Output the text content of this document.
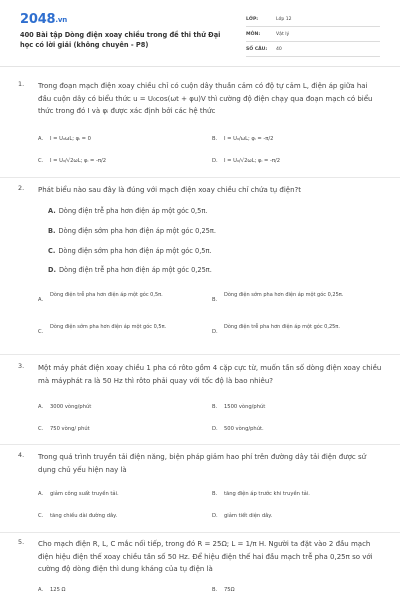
2048.vn
400 Bài tập Dòng điện xoay chiều trong đề thi thử Đại học có lời giải (không chuyên - P8)
LỚP:	Lớp 12
MÔN:	Vật lý
SỐ CÂU:	40
1. Trong đoạn mạch điện xoay chiều chỉ có cuộn dây thuần cảm có độ tự cảm L, điện áp giữa hai đầu cuộn dây có biểu thức u = U₀cos(ωt + φu)V thì cường độ điện chạy qua đoạn mạch có biểu thức trong đó I và φᵢ được xác định bởi các hệ thức
A.	I = U₀ωL; φᵢ = 0	B.	I = U₀/ωL; φᵢ = -π/2
C.	I = U₀/√2ωL; φᵢ = -π/2	D.	I = U₀/√2ωL; φᵢ = -π/2
2. Phát biểu nào sau đây là đúng với mạch điện xoay chiều chỉ chứa tụ điện?t
A. Dòng điện trễ pha hơn điện áp một góc 0,5π.
B. Dòng điện sớm pha hơn điện áp một góc 0,25π.
C. Dòng điện sớm pha hơn điện áp một góc 0,5π.
D. Dòng điện trễ pha hơn điện áp một góc 0,25π.
A.
Dòng điện trễ pha hơn điện áp một góc 0,5π.
B.
Dòng điện sớm pha hơn điện áp một góc 0,25π.
C.
Dòng điện sớm pha hơn điện áp một góc 0,5π.
D.
Dòng điện trễ pha hơn điện áp một góc 0,25π.
3. Một máy phát điện xoay chiều 1 pha có rôto gồm 4 cặp cực từ, muốn tần số dòng điện xoay chiều mà máyphát ra là 50 Hz thì rôto phải quay với tốc độ là bao nhiêu?
A.	3000 vòng/phút	B.	1500 vòng/phút
C.	750 vòng/ phút	D.	500 vòng/phút.
4. Trong quá trình truyền tải điện năng, biện pháp giảm hao phí trên đường dây tải điện được sử dụng chủ yếu hiện nay là
A.	giảm công suất truyền tải.	B.	tăng điện áp trước khi truyền tải.
C.	tăng chiều dài đường dây.	D.	giảm tiết diện dây.
5. Cho mạch điện R, L, C mắc nối tiếp, trong đó R = 25Ω; L = 1/π H. Người ta đặt vào 2 đầu mạch điện hiệu điện thế xoay chiều tần số 50 Hz. Để hiệu điện thế hai đầu mạch trễ pha 0,25π so với cường độ dòng điện thì dung kháng của tụ điện là
A.	125 Ω	B.	75Ω
